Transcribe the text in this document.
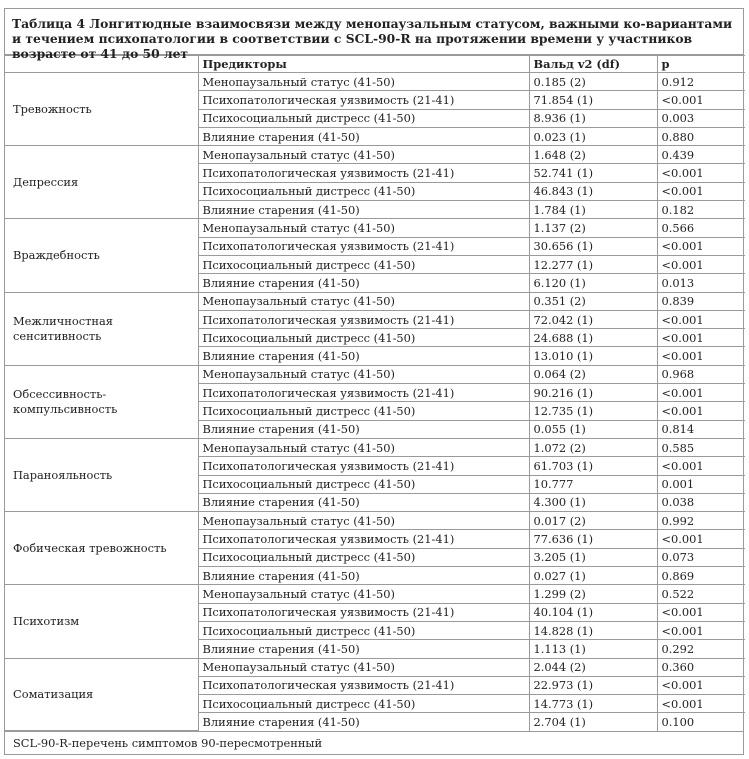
Таблица 4 Лонгитюдные взаимосвязи между менопаузальным статусом, важными ко-вариантами и течением психопатологии в соответствии с SCL-90-R на протяжении времени у участников возрасте от 41 до 50 лет
	Предикторы	Вальд v2 (df)	p
Тревожность	Менопаузальный статус (41-50)	0.185 (2)	0.912
	Психопатологическая уязвимость (21-41)	71.854 (1)	<0.001
	Психосоциальный дистресс (41-50)	8.936 (1)	0.003
	Влияние старения (41-50)	0.023 (1)	0.880
Депрессия	Менопаузальный статус (41-50)	1.648 (2)	0.439
	Психопатологическая уязвимость (21-41)	52.741 (1)	<0.001
	Психосоциальный дистресс (41-50)	46.843 (1)	<0.001
	Влияние старения (41-50)	1.784 (1)	0.182
Враждебность	Менопаузальный статус (41-50)	1.137 (2)	0.566
	Психопатологическая уязвимость (21-41)	30.656 (1)	<0.001
	Психосоциальный дистресс (41-50)	12.277 (1)	<0.001
	Влияние старения (41-50)	6.120 (1)	0.013
Межличностная сенситивность	Менопаузальный статус (41-50)	0.351 (2)	0.839
	Психопатологическая уязвимость (21-41)	72.042 (1)	<0.001
	Психосоциальный дистресс (41-50)	24.688 (1)	<0.001
	Влияние старения (41-50)	13.010 (1)	<0.001
Обсессивность-компульсивность	Менопаузальный статус (41-50)	0.064 (2)	0.968
	Психопатологическая уязвимость (21-41)	90.216 (1)	<0.001
	Психосоциальный дистресс (41-50)	12.735 (1)	<0.001
	Влияние старения (41-50)	0.055 (1)	0.814
Паранояльность	Менопаузальный статус (41-50)	1.072 (2)	0.585
	Психопатологическая уязвимость (21-41)	61.703 (1)	<0.001
	Психосоциальный дистресс (41-50)	10.777	0.001
	Влияние старения (41-50)	4.300 (1)	0.038
Фобическая тревожность	Менопаузальный статус (41-50)	0.017 (2)	0.992
	Психопатологическая уязвимость (21-41)	77.636 (1)	<0.001
	Психосоциальный дистресс (41-50)	3.205 (1)	0.073
	Влияние старения (41-50)	0.027 (1)	0.869
Психотизм	Менопаузальный статус (41-50)	1.299 (2)	0.522
	Психопатологическая уязвимость (21-41)	40.104 (1)	<0.001
	Психосоциальный дистресс (41-50)	14.828 (1)	<0.001
	Влияние старения (41-50)	1.113 (1)	0.292
Соматизация	Менопаузальный статус (41-50)	2.044 (2)	0.360
	Психопатологическая уязвимость (21-41)	22.973 (1)	<0.001
	Психосоциальный дистресс (41-50)	14.773 (1)	<0.001
	Влияние старения (41-50)	2.704 (1)	0.100
SCL-90-R-перечень симптомов 90-пересмотренный
